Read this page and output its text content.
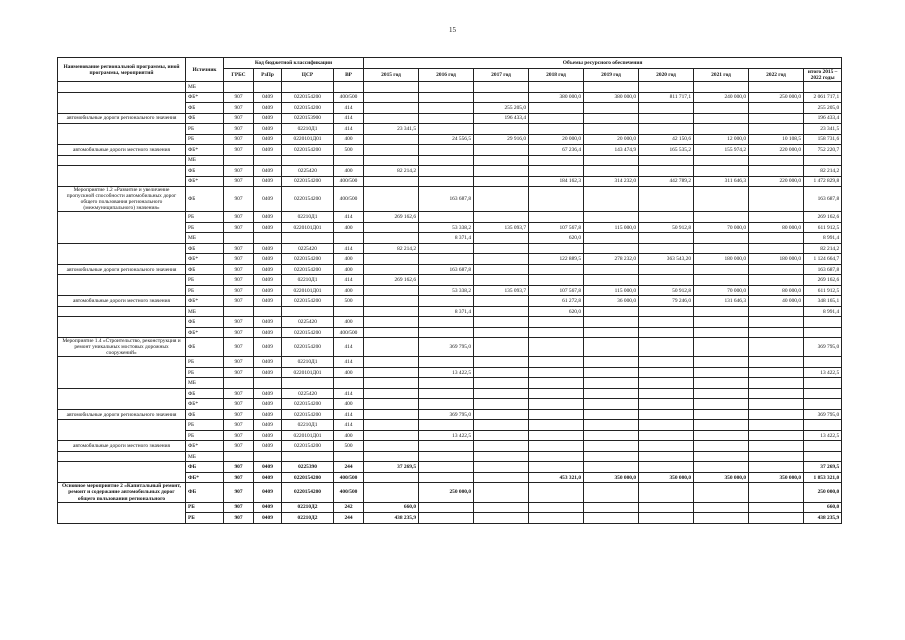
15
Наименование региональной программы, иной программы, мероприятий	Источник	Код бюджетной классификации				Объемы ресурсного обеспечения								
		ГРБС	РзПр	ЦСР	ВР	2015 год	2016 год	2017 год	2018 год	2019 год	2020 год	2021 год	2022 год	итого 2015 – 2022 годы
	МБ													
	ФБ*	907	0409	0220154200	400/500				380 000,0	380 000,0	811 717,1	240 000,0	250 000,0	2 061 717,1
	ФБ	907	0409	0220154200	414			255 205,0						255 205,0
автомобильные дороги регионального значения	ФБ	907	0409	0220153900	414			196 433,4						196 433,4
	РБ	907	0409	02210Д1	414	23 341,5								23 341,5
	РБ	907	0409	0220101Д01	400		24 556,5	29 916,0	20 000,0	20 000,0	42 150,6	12 000,0	10 108,5	158 731,6
автомобильные дороги местного значения	ФБ*	907	0409	0220154200	500				67 236,4	143 474,9	165 535,2	155 974,2	220 000,0	752 220,7
	МБ													
	ФБ	907	0409	0225420	400	82 214,2								82 214,2
	ФБ*	907	0409	0220154200	400/500				184 162,3	314 232,0	442 789,2	311 646,3	220 000,0	1 472 829,8
Мероприятие 1.2 «Развитие и увеличение пропускной способности автомобильных дорог общего пользования регионального (межмуниципального) значения»	ФБ	907	0409	0220154200	400/500		163 687,8							163 687,8
	РБ	907	0409	02210Д1	414	269 162,6								269 162,6
	РБ	907	0409	0220101Д01	400		53 338,2	135 093,7	107 567,8	115 000,0	50 912,8	70 000,0	80 000,0	611 912,5
	МБ						8 371,4		620,0					8 991,4
	ФБ	907	0409	0225420	414	82 214,2								82 214,2
	ФБ*	907	0409	0220154200	400				122 889,5	278 232,0	363 543,20	180 000,0	180 000,0	1 124 664,7
автомобильные дороги регионального значения	ФБ	907	0409	0220154200	400		163 687,8							163 687,8
	РБ	907	0409	02210Д1	414	269 162,6								269 162,6
	РБ	907	0409	0220101Д01	400		53 338,2	135 093,7	107 567,8	115 000,0	50 912,8	70 000,0	80 000,0	611 912,5
автомобильные дороги местного значения	ФБ*	907	0409	0220154200	500				61 272,8	36 000,0	79 246,0	131 646,3	40 000,0	348 165,1
	МБ						8 371,4		620,0					8 991,4
	ФБ	907	0409	0225420	400									
	ФБ*	907	0409	0220154200	400/500									
Мероприятие 1.4 «Строительство, реконструкция и ремонт уникальных мостовых дорожных сооружений»	ФБ	907	0409	0220154200	414		369 795,0							369 795,0
	РБ	907	0409	02210Д1	414									
	РБ	907	0409	0220101Д01	400		13 422,5							13 422,5
	МБ													
	ФБ	907	0409	0225420	414									
	ФБ*	907	0409	0220154200	400									
автомобильные дороги регионального значения	ФБ	907	0409	0220154200	414		369 795,0							369 795,0
	РБ	907	0409	02210Д1	414									
	РБ	907	0409	0220101Д01	400		13 422,5							13 422,5
автомобильные дороги местного значения	ФБ*	907	0409	0220154200	500									
	МБ													
	ФБ	907	0409	0225390	244	37 269,5								37 269,5
	ФБ*	907	0409	0220154200	400/500				453 321,0	350 000,0	350 000,0	350 000,0	350 000,0	1 853 321,0
Основное мероприятие 2 «Капитальный ремонт, ремонт и содержание автомобильных дорог общего пользования регионального	ФБ	907	0409	0220154200	400/500		250 000,0							250 000,0
	РБ	907	0409	02210Д2	242	660,0								660,0
	РБ	907	0409	02210Д2	244	438 235,9								438 235,9
